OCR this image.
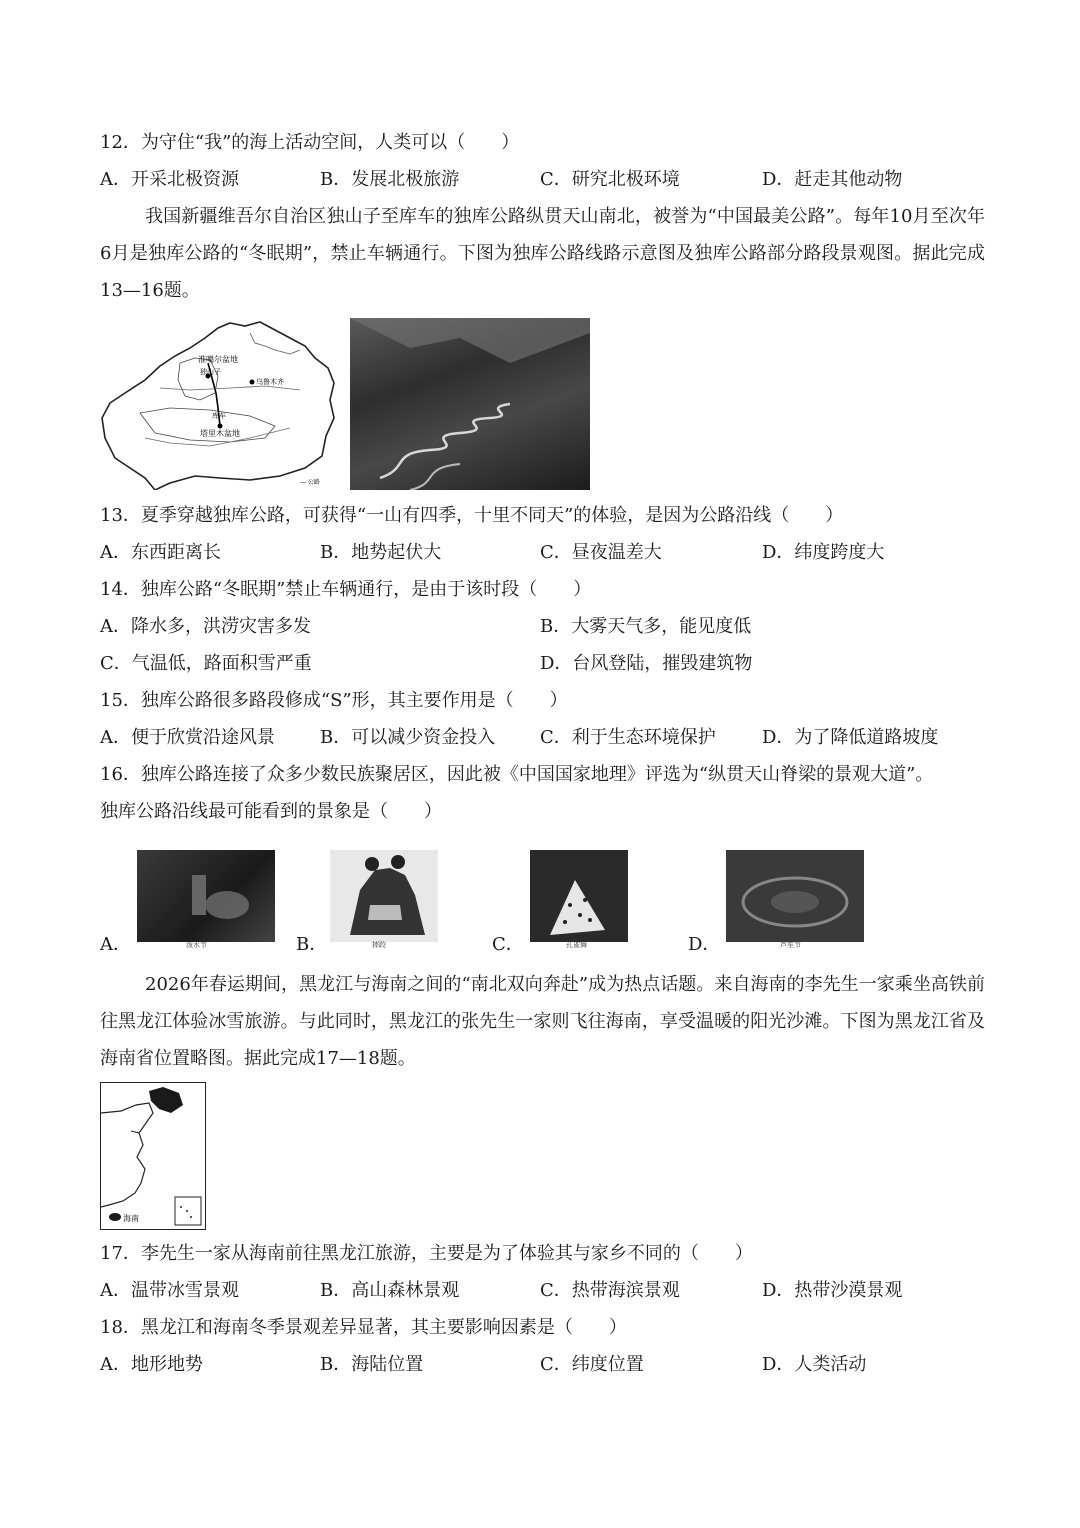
12．为守住“我”的海上活动空间，人类可以（　　）
A．开采北极资源	B．发展北极旅游	C．研究北极环境	D．赶走其他动物
我国新疆维吾尔自治区独山子至库车的独库公路纵贯天山南北，被誉为“中国最美公路”。每年10月至次年6月是独库公路的“冬眠期”，禁止车辆通行。下图为独库公路线路示意图及独库公路部分路段景观图。据此完成13—16题。
准噶尔盆地
独山子
乌鲁木齐
库车
塔里木盆地
— 公路
13．夏季穿越独库公路，可获得“一山有四季，十里不同天”的体验，是因为公路沿线（　　）
A．东西距离长	B．地势起伏大	C．昼夜温差大	D．纬度跨度大
14．独库公路“冬眠期”禁止车辆通行，是由于该时段（　　）
A．降水多，洪涝灾害多发	B．大雾天气多，能见度低
C．气温低，路面积雪严重	D．台风登陆，摧毁建筑物
15．独库公路很多路段修成“S”形，其主要作用是（　　）
A．便于欣赏沿途风景	B．可以减少资金投入 C．利于生态环境保护	D．为了降低道路坡度
16．独库公路连接了众多少数民族聚居区，因此被《中国国家地理》评选为“纵贯天山脊梁的景观大道”。
独库公路沿线最可能看到的景象是（　　）
A．	泼水节	B．	摔跤	C．	孔雀舞	D．	芦笙节
2026年春运期间，黑龙江与海南之间的“南北双向奔赴”成为热点话题。来自海南的李先生一家乘坐高铁前往黑龙江体验冰雪旅游。与此同时，黑龙江的张先生一家则飞往海南，享受温暖的阳光沙滩。下图为黑龙江省及海南省位置略图。据此完成17—18题。
海南
17．李先生一家从海南前往黑龙江旅游，主要是为了体验其与家乡不同的（　　）
A．温带冰雪景观	B．高山森林景观	C．热带海滨景观	D．热带沙漠景观
18．黑龙江和海南冬季景观差异显著，其主要影响因素是（　　）
A．地形地势	B．海陆位置	C．纬度位置	D．人类活动
